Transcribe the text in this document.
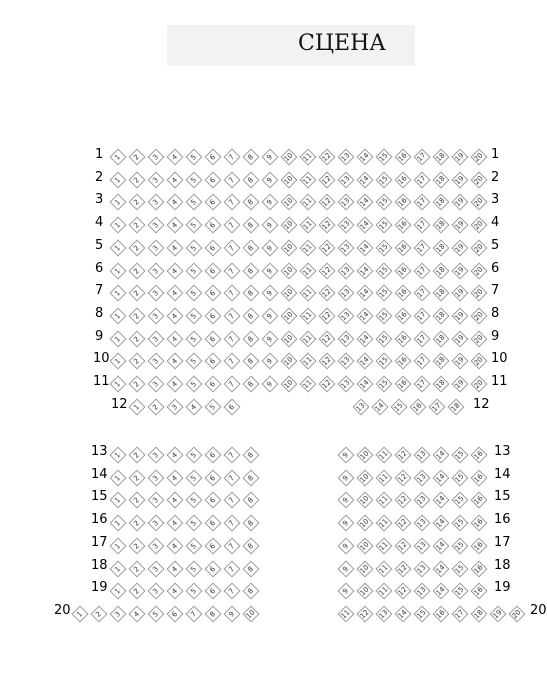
СЦЕНА
1	1
1	2	3	4	5	6	7	8	9	10	11	12	13	14	15	16	17	18	19	20
2	2
1	2	3	4	5	6	7	8	9	10	11	12	13	14	15	16	17	18	19	20
3	3
1	2	3	4	5	6	7	8	9	10	11	12	13	14	15	16	17	18	19	20
4	4
1	2	3	4	5	6	7	8	9	10	11	12	13	14	15	16	17	18	19	20
5	5
1	2	3	4	5	6	7	8	9	10	11	12	13	14	15	16	17	18	19	20
6	6
1	2	3	4	5	6	7	8	9	10	11	12	13	14	15	16	17	18	19	20
7	7
1	2	3	4	5	6	7	8	9	10	11	12	13	14	15	16	17	18	19	20
8	8
1	2	3	4	5	6	7	8	9	10	11	12	13	14	15	16	17	18	19	20
9	9
1	2	3	4	5	6	7	8	9	10	11	12	13	14	15	16	17	18	19	20
10	10
1	2	3	4	5	6	7	8	9	10	11	12	13	14	15	16	17	18	19	20
11	11
1	2	3	4	5	6	7	8	9	10	11	12	13	14	15	16	17	18	19	20
12	12
1	2	3	4	5	6	13	14	15	16	17	18
13	13
1	2	3	4	5	6	7	8	9	10	11	12	13	14	15	16
14	14
1	2	3	4	5	6	7	8	9	10	11	12	13	14	15	16
15	15
1	2	3	4	5	6	7	8	9	10	11	12	13	14	15	16
16	16
1	2	3	4	5	6	7	8	9	10	11	12	13	14	15	16
17	17
1	2	3	4	5	6	7	8	9	10	11	12	13	14	15	16
18	18
1	2	3	4	5	6	7	8	9	10	11	12	13	14	15	16
19	19
1	2	3	4	5	6	7	8	9	10	11	12	13	14	15	16
20	20
1	2	3	4	5	6	7	8	9	10	11	12	13	14	15	16	17	18	19	20
